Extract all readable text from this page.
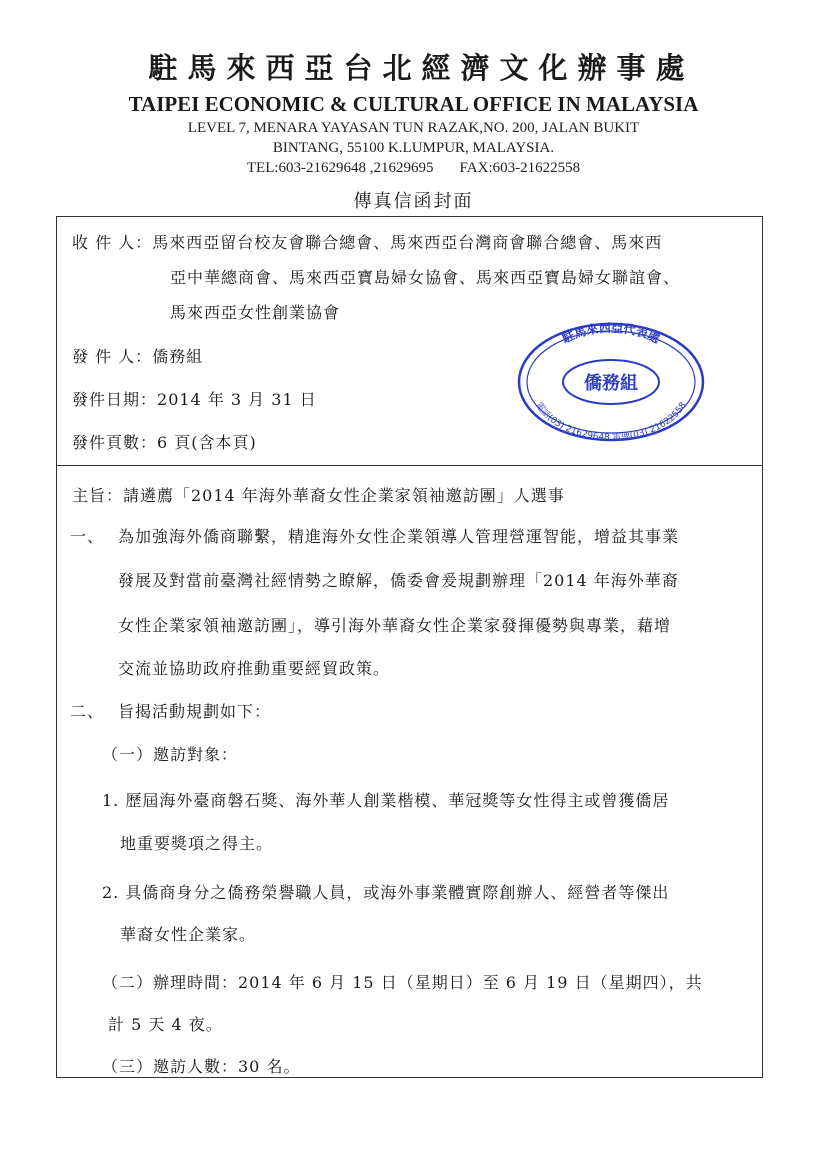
駐馬來西亞台北經濟文化辦事處
TAIPEI ECONOMIC & CULTURAL OFFICE IN MALAYSIA
LEVEL 7, MENARA YAYASAN TUN RAZAK,NO. 200, JALAN BUKIT
BINTANG, 55100 K.LUMPUR, MALAYSIA.
TEL:603-21629648 ,21629695 FAX:603-21622558
傳真信函封面
收 件 人：馬來西亞留台校友會聯合總會、馬來西亞台灣商會聯合總會、馬來西
亞中華總商會、馬來西亞寶島婦女協會、馬來西亞寶島婦女聯誼會、
馬來西亞女性創業協會
發 件 人：僑務組
發件日期：2014 年 3 月 31 日
發件頁數：6 頁(含本頁)
駐馬來西亞代表處
僑務組
電話(03) 21629648 電傳(03) 21622558
主旨：請遴薦「2014 年海外華裔女性企業家領袖邀訪團」人選事
一、 為加強海外僑商聯繫，精進海外女性企業領導人管理營運智能，增益其事業
發展及對當前臺灣社經情勢之瞭解，僑委會爰規劃辦理「2014 年海外華裔
女性企業家領袖邀訪團」，導引海外華裔女性企業家發揮優勢與專業，藉增
交流並協助政府推動重要經貿政策。
二、 旨揭活動規劃如下：
（一）邀訪對象：
1. 歷屆海外臺商磐石獎、海外華人創業楷模、華冠獎等女性得主或曾獲僑居
地重要獎項之得主。
2. 具僑商身分之僑務榮譽職人員，或海外事業體實際創辦人、經營者等傑出
華裔女性企業家。
（二）辦理時間：2014 年 6 月 15 日（星期日）至 6 月 19 日（星期四），共
計 5 天 4 夜。
（三）邀訪人數：30 名。
